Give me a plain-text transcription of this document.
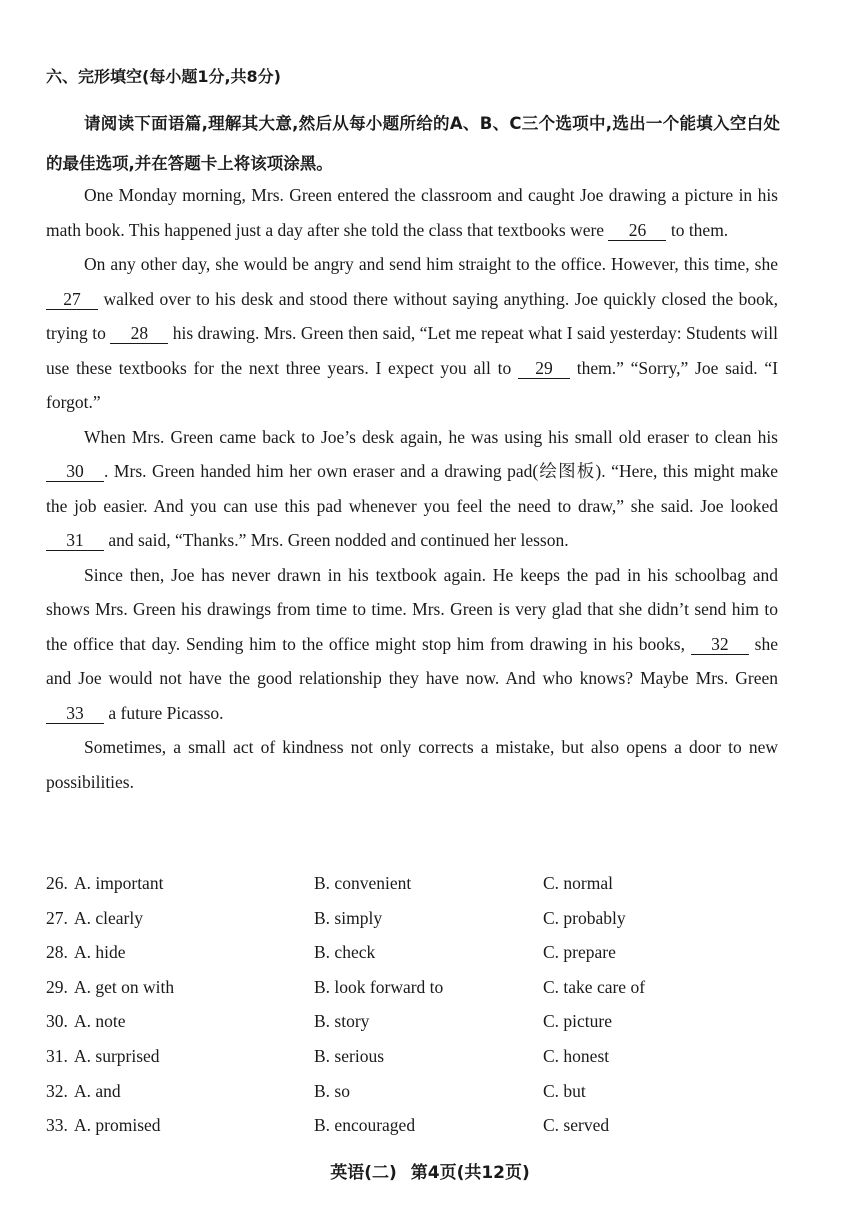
六、完形填空(每小题1分,共8分)
请阅读下面语篇,理解其大意,然后从每小题所给的A、B、C三个选项中,选出一个能填入空白处的最佳选项,并在答题卡上将该项涂黑。

One Monday morning, Mrs. Green entered the classroom and caught Joe drawing a picture in his math book. This happened just a day after she told the class that textbooks were 26 to them.

On any other day, she would be angry and send him straight to the office. However, this time, she 27 walked over to his desk and stood there without saying anything. Joe quickly closed the book, trying to 28 his drawing. Mrs. Green then said, “Let me repeat what I said yesterday: Students will use these textbooks for the next three years. I expect you all to 29 them.” “Sorry,” Joe said. “I forgot.”

When Mrs. Green came back to Joe’s desk again, he was using his small old eraser to clean his 30 . Mrs. Green handed him her own eraser and a drawing pad(绘图板). “Here, this might make the job easier. And you can use this pad whenever you feel the need to draw,” she said. Joe looked 31 and said, “Thanks.” Mrs. Green nodded and continued her lesson.

Since then, Joe has never drawn in his textbook again. He keeps the pad in his schoolbag and shows Mrs. Green his drawings from time to time. Mrs. Green is very glad that she didn’t send him to the office that day. Sending him to the office might stop him from drawing in his books, 32 she and Joe would not have the good relationship they have now. And who knows? Maybe Mrs. Green 33 a future Picasso.

Sometimes, a small act of kindness not only corrects a mistake, but also opens a door to new possibilities.

26. A. important	B. convenient	C. normal
27. A. clearly	B. simply	C. probably
28. A. hide	B. check	C. prepare
29. A. get on with	B. look forward to	C. take care of
30. A. note	B. story	C. picture
31. A. surprised	B. serious	C. honest
32. A. and	B. so	C. but
33. A. promised	B. encouraged	C. served
英语(二) 第4页(共12页)
